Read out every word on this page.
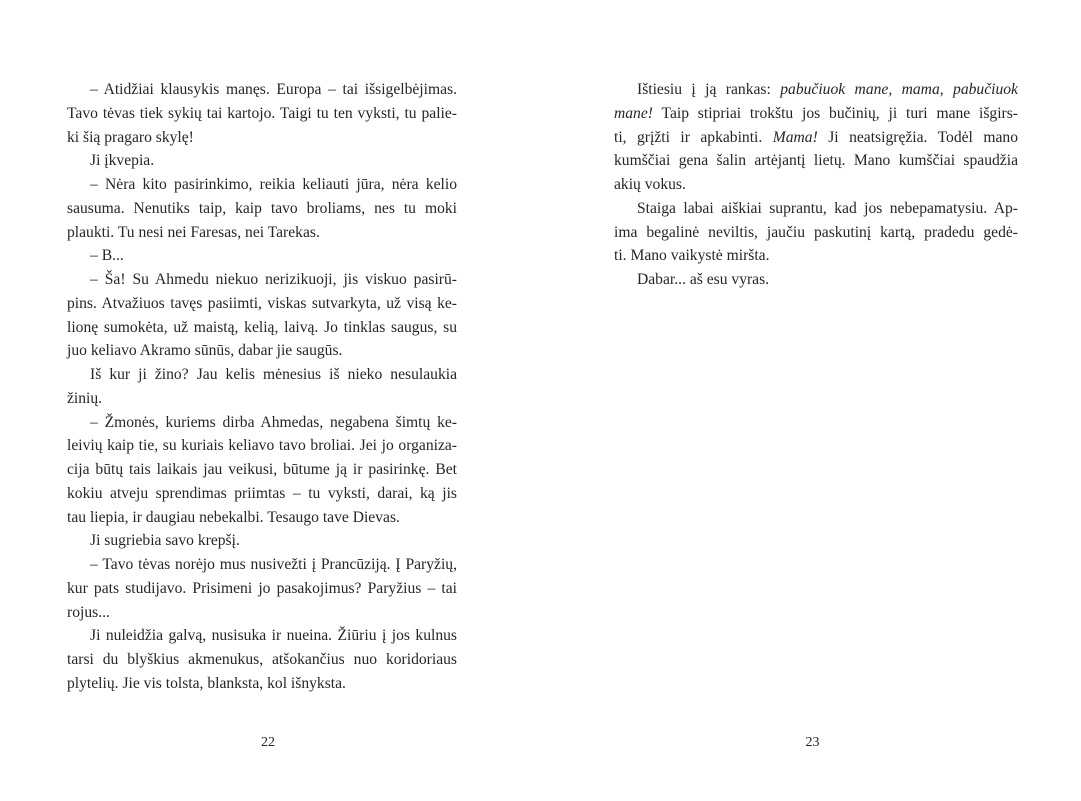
– Atidžiai klausykis manęs. Europa – tai išsigelbėjimas.
Tavo tėvas tiek sykių tai kartojo. Taigi tu ten vyksti, tu palie-
ki šią pragaro skylę!
Ji įkvepia.
– Nėra kito pasirinkimo, reikia keliauti jūra, nėra kelio
sausuma. Nenutiks taip, kaip tavo broliams, nes tu moki
plaukti. Tu nesi nei Faresas, nei Tarekas.
– B...
– Ša! Su Ahmedu niekuo nerizikuoji, jis viskuo pasirū-
pins. Atvažiuos tavęs pasiimti, viskas sutvarkyta, už visą ke-
lionę sumokėta, už maistą, kelią, laivą. Jo tinklas saugus, su
juo keliavo Akramo sūnūs, dabar jie saugūs.
Iš kur ji žino? Jau kelis mėnesius iš nieko nesulaukia
žinių.
– Žmonės, kuriems dirba Ahmedas, negabena šimtų ke-
leivių kaip tie, su kuriais keliavo tavo broliai. Jei jo organiza-
cija būtų tais laikais jau veikusi, būtume ją ir pasirinkę. Bet
kokiu atveju sprendimas priimtas – tu vyksti, darai, ką jis
tau liepia, ir daugiau nebekalbi. Tesaugo tave Dievas.
Ji sugriebia savo krepšį.
– Tavo tėvas norėjo mus nusivežti į Prancūziją. Į Paryžių,
kur pats studijavo. Prisimeni jo pasakojimus? Paryžius – tai
rojus...
Ji nuleidžia galvą, nusisuka ir nueina. Žiūriu į jos kulnus
tarsi du blyškius akmenukus, atšokančius nuo koridoriaus
plytelių. Jie vis tolsta, blanksta, kol išnyksta.
22
Ištiesiu į ją rankas: pabučiuok mane, mama, pabučiuok
mane! Taip stipriai trokštu jos bučinių, ji turi mane išgirs-
ti, grįžti ir apkabinti. Mama! Ji neatsigręžia. Todėl mano
kumščiai gena šalin artėjantį lietų. Mano kumščiai spaudžia
akių vokus.
Staiga labai aiškiai suprantu, kad jos nebepamatysiu. Ap-
ima begalinė neviltis, jaučiu paskutinį kartą, pradedu gedė-
ti. Mano vaikystė miršta.
Dabar... aš esu vyras.
23
